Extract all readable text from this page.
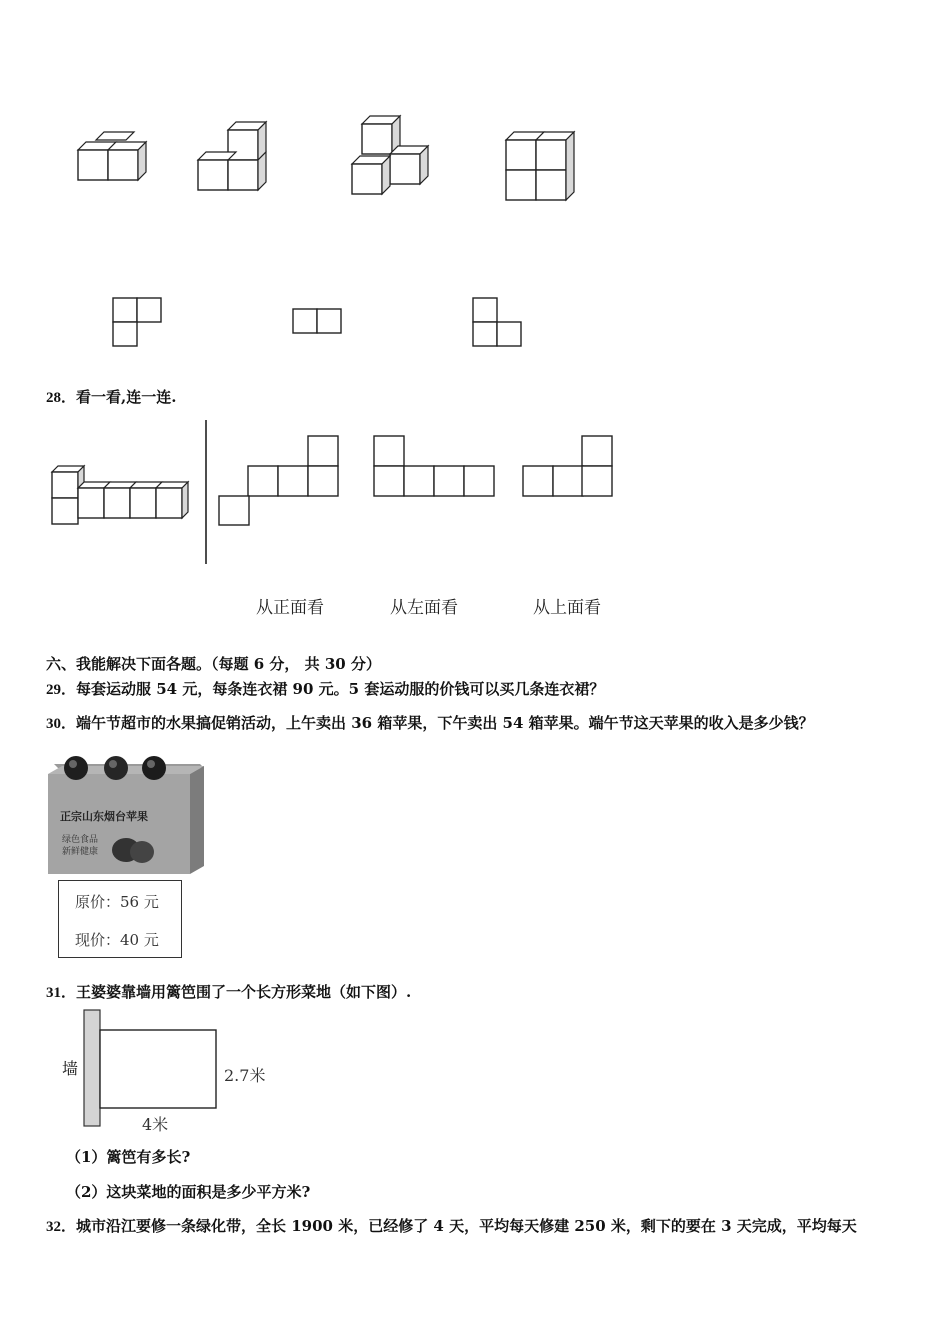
28．看一看,连一连.
从正面看	从左面看	从上面看
六、我能解决下面各题。（每题 6 分， 共 30 分）
29．每套运动服 54 元，每条连衣裙 90 元。5 套运动服的价钱可以买几条连衣裙？
30．端午节超市的水果搞促销活动，上午卖出 36 箱苹果，下午卖出 54 箱苹果。端午节这天苹果的收入是多少钱？
正宗山东烟台苹果
绿色食品
新鲜健康
原价：56 元
现价：40 元
31．王婆婆靠墙用篱笆围了一个长方形菜地（如下图）.
墙	2.7米
4米
（1）篱笆有多长?
（2）这块菜地的面积是多少平方米?
32．城市沿江要修一条绿化带，全长 1900 米，已经修了 4 天，平均每天修建 250 米，剩下的要在 3 天完成，平均每天
